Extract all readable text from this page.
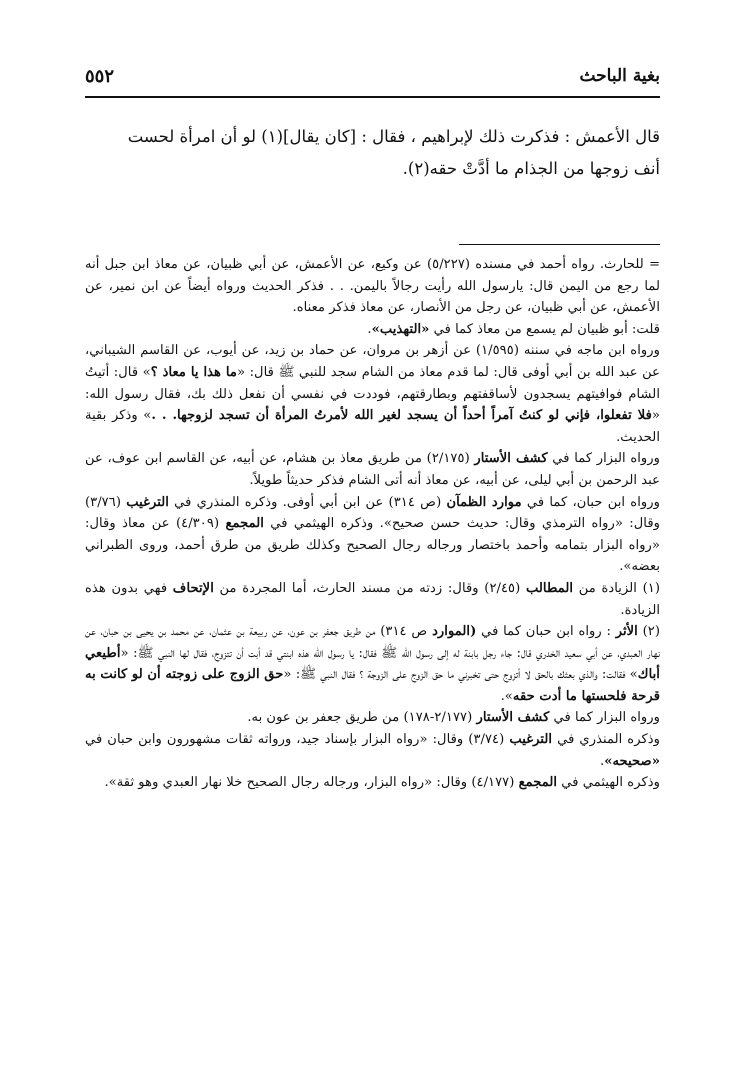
بغية الباحث
٥٥٢

قال الأعمش : فذكرت ذلك لإبراهيم ، فقال : [كان يقال](١) لو أن امرأة لحست

أنف زوجها من الجذام ما أدَّتْ حقه(٢).

= للحارث. رواه أحمد في مسنده (٥/٢٢٧) عن وكيع، عن الأعمش، عن أبي ظبيان، عن معاذ ابن جبل أنه لما رجع من اليمن قال: يارسول الله رأيت رجالاً باليمن. . . فذكر الحديث ورواه أيضاً عن ابن نمير، عن الأعمش، عن أبي ظبيان، عن رجل من الأنصار، عن معاذ فذكر معناه.

قلت: أبو ظبيان لم يسمع من معاذ كما في «التهذيب».

ورواه ابن ماجه في سننه (١/٥٩٥) عن أزهر بن مروان، عن حماد بن زيد، عن أيوب، عن القاسم الشيباني، عن عبد الله بن أبي أوفى قال: لما قدم معاذ من الشام سجد للنبي ﷺ قال: «ما هذا يا معاذ ؟» قال: أتيتُ الشام فوافيتهم يسجدون لأساقفتهم وبطارقتهم، فوددت في نفسي أن نفعل ذلك بك، فقال رسول الله: «فلا تفعلوا، فإني لو كنتُ آمراً أحداً أن يسجد لغير الله لأمرتُ المرأة أن تسجد لزوجها. . .» وذكر بقية الحديث.

ورواه البزار كما في كشف الأستار (٢/١٧٥) من طريق معاذ بن هشام، عن أبيه، عن القاسم ابن عوف، عن عبد الرحمن بن أبي ليلى، عن أبيه، عن معاذ أنه أتى الشام فذكر حديثاً طويلاً.

ورواه ابن حبان، كما في موارد الظمآن (ص ٣١٤) عن ابن أبي أوفى. وذكره المنذري في الترغيب (٣/٧٦) وقال: «رواه الترمذي وقال: حديث حسن صحيح». وذكره الهيثمي في المجمع (٤/٣٠٩) عن معاذ وقال: «رواه البزار بتمامه وأحمد باختصار ورجاله رجال الصحيح وكذلك طريق من طرق أحمد، وروى الطبراني بعضه».

(١) الزيادة من المطالب (٢/٤٥) وقال: زدته من مسند الحارث، أما المجردة من الإتحاف فهي بدون هذه الزيادة.

(٢) الأثر : رواه ابن حبان كما في (الموارد ص ٣١٤) من طريق جعفر بن عون، عن ربيعة بن عثمان، عن محمد بن يحيى بن حبان، عن نهار العبدي، عن أبي سعيد الخدري قال: جاء رجل بابنة له إلى رسول الله ﷺ فقال: يا رسول الله هذه ابنتي قد أبت أن تتزوج، فقال لها النبي ﷺ: «أطيعي أباك» فقالت: والذي بعثك بالحق لا أتزوج حتى تخبرني ما حق الزوج على الزوجة ؟ فقال النبي ﷺ: «حق الزوج على زوجته أن لو كانت به قرحة فلحستها ما أدت حقه».

ورواه البزار كما في كشف الأستار (٢/١٧٧-١٧٨) من طريق جعفر بن عون به.

وذكره المنذري في الترغيب (٣/٧٤) وقال: «رواه البزار بإسناد جيد، ورواته ثقات مشهورون وابن حبان في «صحيحه».

وذكره الهيثمي في المجمع (٤/١٧٧) وقال: «رواه البزار، ورجاله رجال الصحيح خلا نهار العبدي وهو ثقة».
